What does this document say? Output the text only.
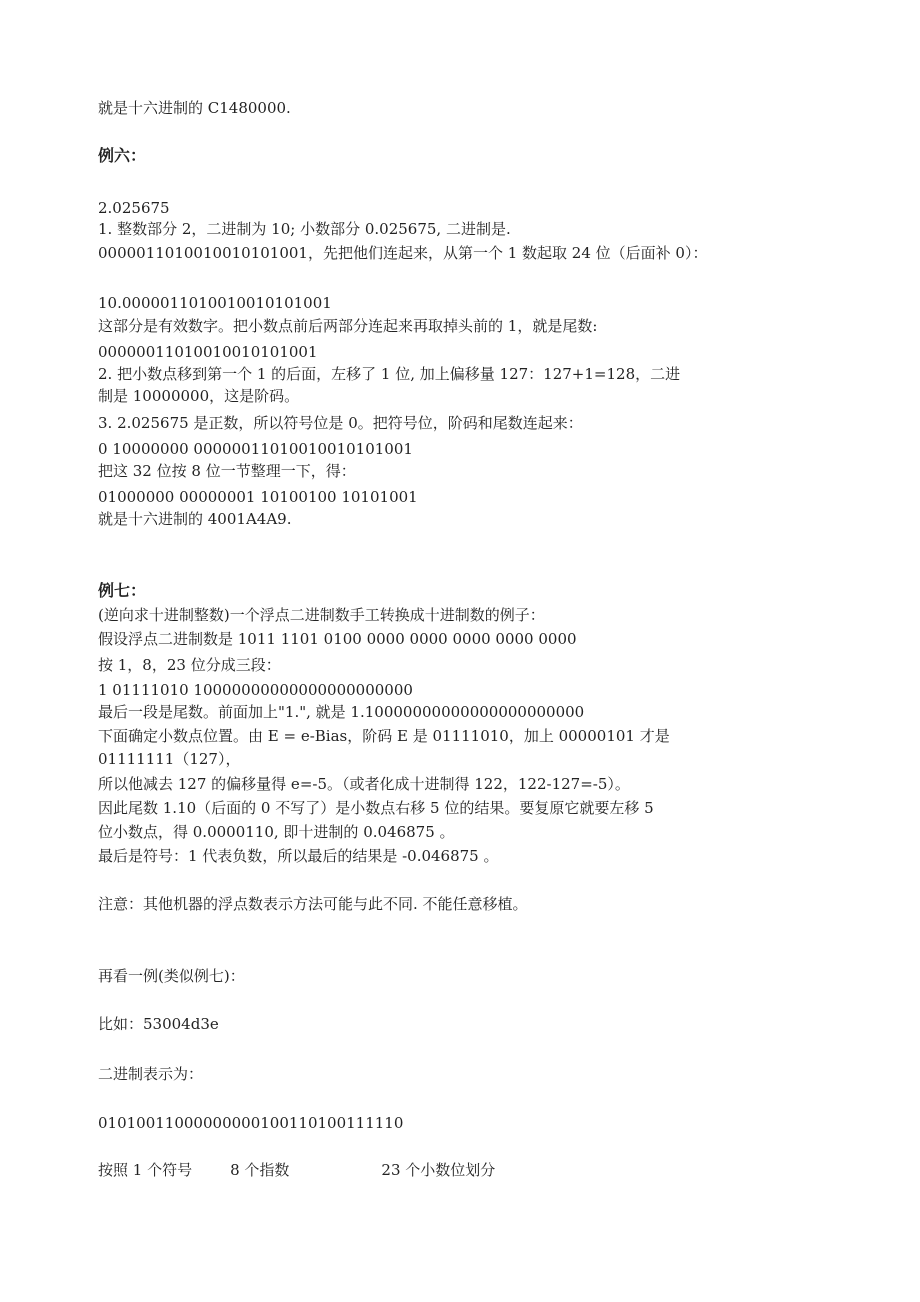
就是十六进制的 C1480000.

例六：

2.025675

1. 整数部分 2，二进制为 10; 小数部分 0.025675, 二进制是.

0000011010010010101001，先把他们连起来，从第一个 1 数起取 24 位（后面补 0）：

10.0000011010010010101001

这部分是有效数字。把小数点前后两部分连起来再取掉头前的 1，就是尾数:

00000011010010010101001

2. 把小数点移到第一个 1 的后面，左移了 1 位, 加上偏移量 127：127+1=128，二进

制是 10000000，这是阶码。

3. 2.025675 是正数，所以符号位是 0。把符号位，阶码和尾数连起来：

0 10000000 00000011010010010101001

把这 32 位按 8 位一节整理一下，得：

01000000 00000001 10100100 10101001

就是十六进制的 4001A4A9.

例七：

(逆向求十进制整数)一个浮点二进制数手工转换成十进制数的例子：

假设浮点二进制数是 1011 1101 0100 0000 0000 0000 0000 0000

按 1，8，23 位分成三段：

1 01111010 10000000000000000000000

最后一段是尾数。前面加上"1.", 就是 1.10000000000000000000000

下面确定小数点位置。由 E = e-Bias，阶码 E 是 01111010，加上 00000101 才是

01111111（127），

所以他减去 127 的偏移量得 e=-5。（或者化成十进制得 122，122-127=-5）。

因此尾数 1.10（后面的 0 不写了）是小数点右移 5 位的结果。要复原它就要左移 5

位小数点，得 0.0000110, 即十进制的 0.046875 。

最后是符号：1 代表负数，所以最后的结果是 -0.046875 。

注意：其他机器的浮点数表示方法可能与此不同. 不能任意移植。

再看一例(类似例七)：

比如：53004d3e

二进制表示为：

01010011000000000100110100111110

按照 1 个符号	8 个指数	23 个小数位划分
